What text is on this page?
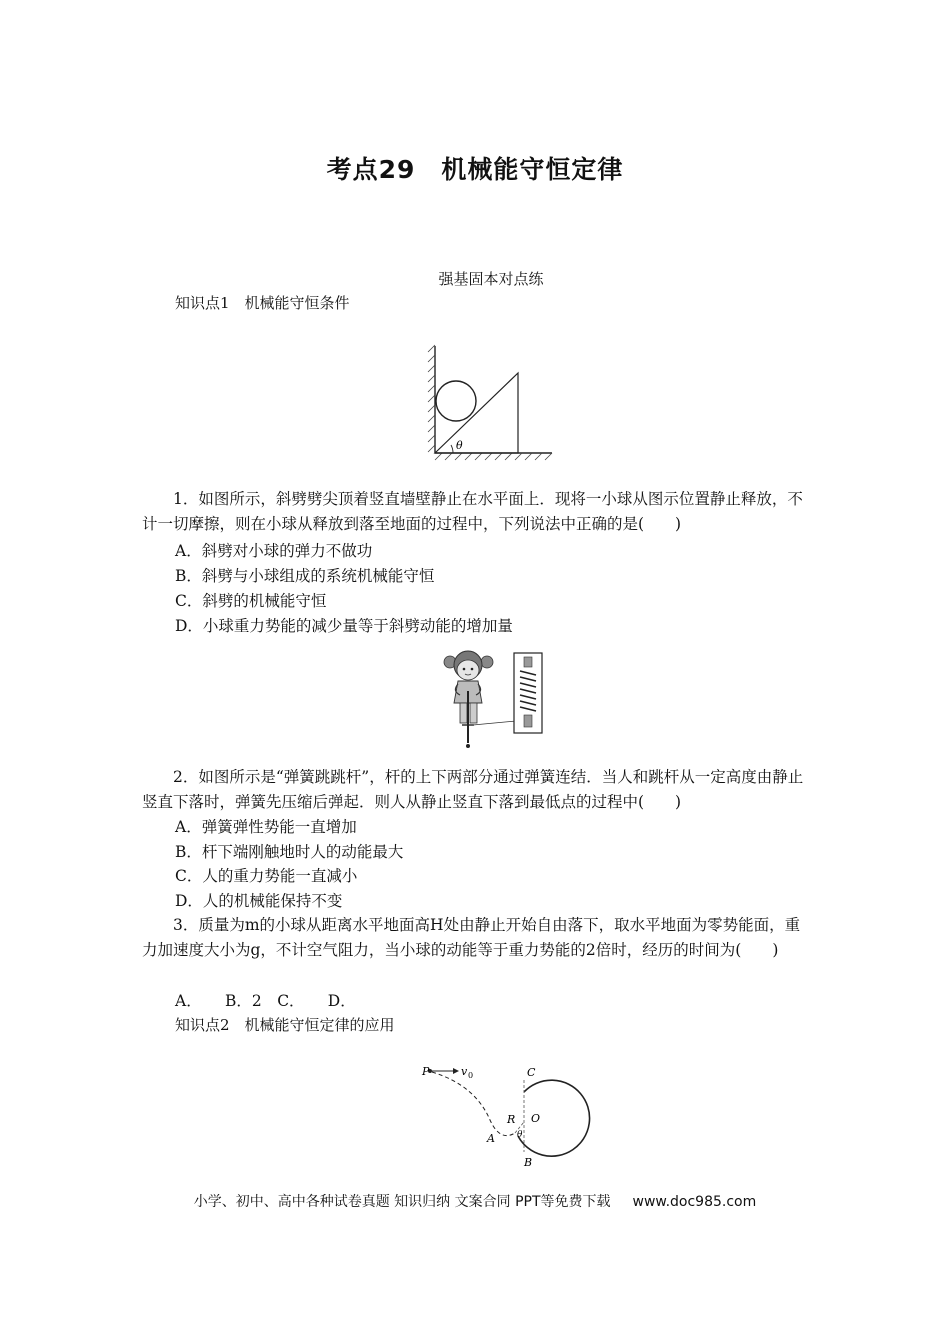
考点29　机械能守恒定律
强基固本对点练
知识点1　机械能守恒条件
θ
1．如图所示，斜劈劈尖顶着竖直墙壁静止在水平面上．现将一小球从图示位置静止释放，不计一切摩擦，则在小球从释放到落至地面的过程中，下列说法中正确的是(　　)
A．斜劈对小球的弹力不做功
B．斜劈与小球组成的系统机械能守恒
C．斜劈的机械能守恒
D．小球重力势能的减少量等于斜劈动能的增加量
2．如图所示是“弹簧跳跳杆”，杆的上下两部分通过弹簧连结．当人和跳杆从一定高度由静止竖直下落时，弹簧先压缩后弹起．则人从静止竖直下落到最低点的过程中(　　)
A．弹簧弹性势能一直增加
B．杆下端刚触地时人的动能最大
C．人的重力势能一直减小
D．人的机械能保持不变
3．质量为m的小球从距离水平地面高H处由静止开始自由落下，取水平地面为零势能面，重力加速度大小为g，不计空气阻力，当小球的动能等于重力势能的2倍时，经历的时间为(　　)
A．　　B．2　C．　　D．
知识点2　机械能守恒定律的应用
P	v 0	C
R O
A θ
B
小学、初中、高中各种试卷真题 知识归纳 文案合同 PPT等免费下载 www.doc985.com
